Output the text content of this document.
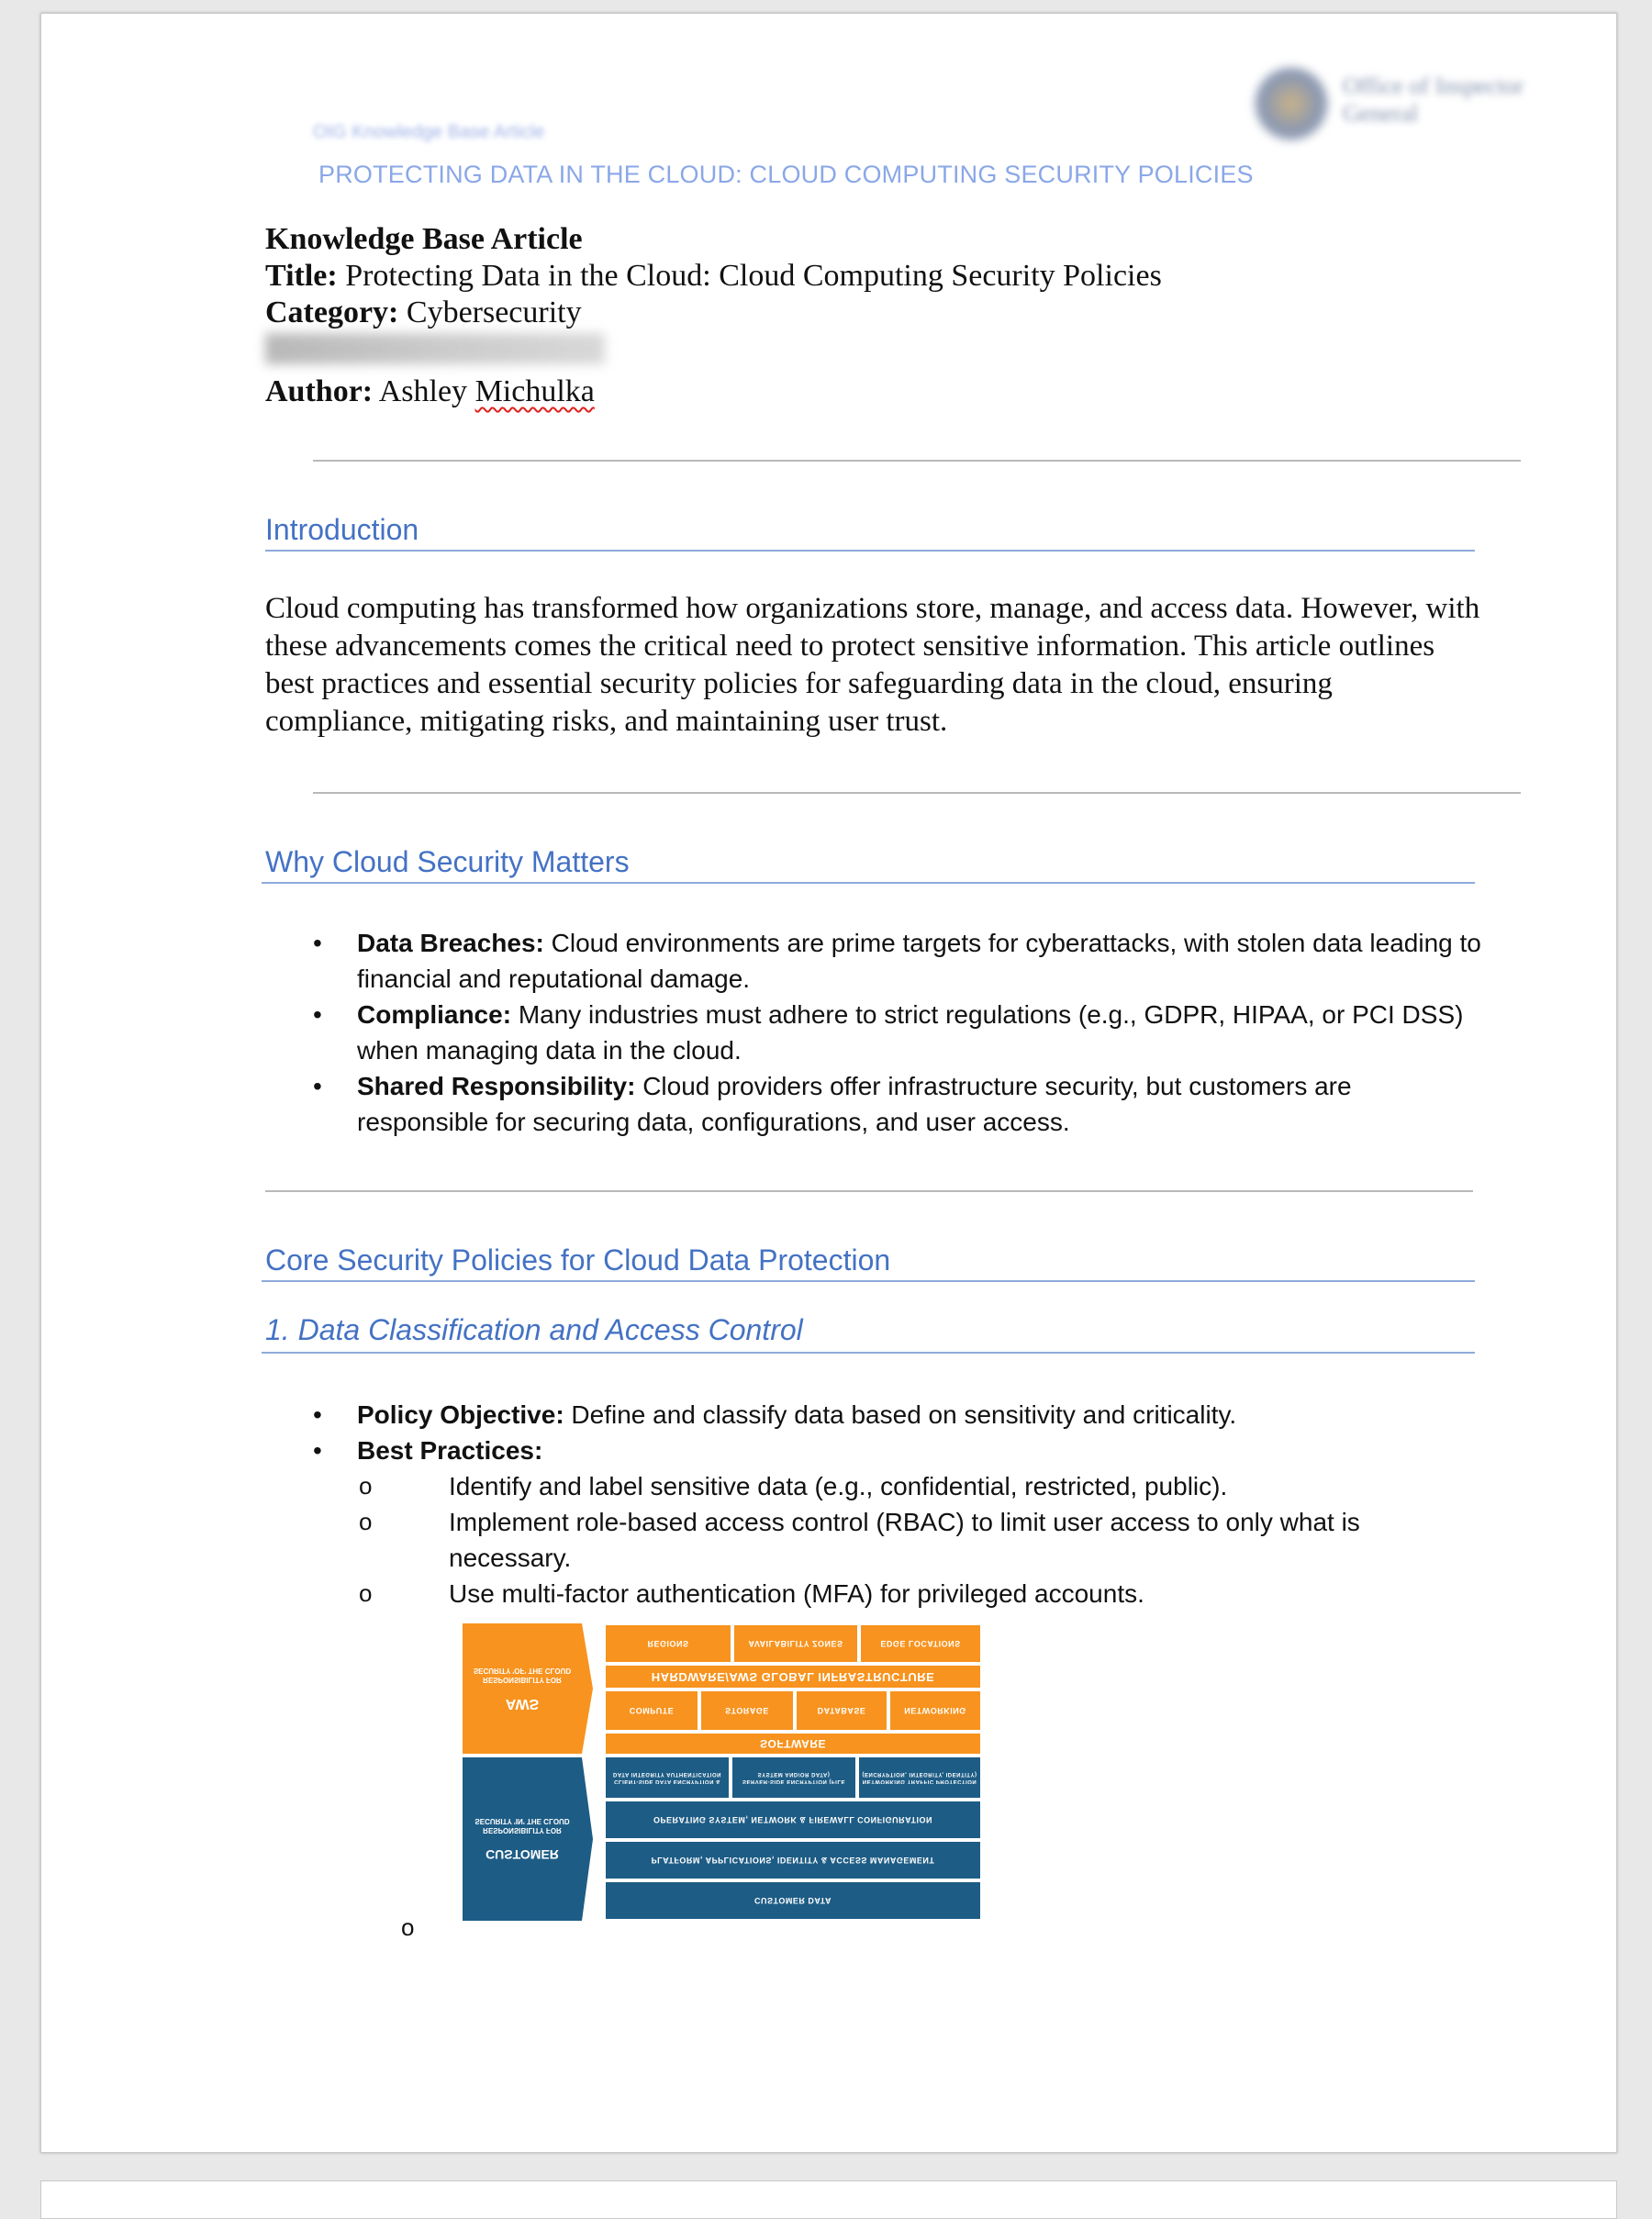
Office of Inspector General
OIG Knowledge Base Article
PROTECTING DATA IN THE CLOUD: CLOUD COMPUTING SECURITY POLICIES
Knowledge Base Article
Title: Protecting Data in the Cloud: Cloud Computing Security Policies
Category: Cybersecurity
Author: Ashley Michulka
Introduction
Cloud computing has transformed how organizations store, manage, and access data. However, with these advancements comes the critical need to protect sensitive information. This article outlines best practices and essential security policies for safeguarding data in the cloud, ensuring compliance, mitigating risks, and maintaining user trust.
Why Cloud Security Matters
• Data Breaches: Cloud environments are prime targets for cyberattacks, with stolen data leading to financial and reputational damage.
• Compliance: Many industries must adhere to strict regulations (e.g., GDPR, HIPAA, or PCI DSS) when managing data in the cloud.
• Shared Responsibility: Cloud providers offer infrastructure security, but customers are responsible for securing data, configurations, and user access.
Core Security Policies for Cloud Data Protection
1. Data Classification and Access Control
• Policy Objective: Define and classify data based on sensitivity and criticality.
• Best Practices:
o Identify and label sensitive data (e.g., confidential, restricted, public).
o Implement role-based access control (RBAC) to limit user access to only what is necessary.
o Use multi-factor authentication (MFA) for privileged accounts.
RESPONSIBILITY FOR SECURITY 'OF' THE CLOUD
AWS
RESPONSIBILITY FOR SECURITY 'IN' THE CLOUD
CUSTOMER
REGIONS	AVAILABILITY ZONES	EDGE LOCATIONS
HARDWARE/AWS GLOBAL INFRASTRUCTURE
COMPUTE	STORAGE	DATABASE	NETWORKING
SOFTWARE
CLIENT-SIDE DATA ENCRYPTION & DATA INTEGRITY AUTHENTICATION
SERVER-SIDE ENCRYPTION (FILE SYSTEM AND/OR DATA)
NETWORKING TRAFFIC PROTECTION (ENCRYPTION, INTEGRITY, IDENTITY)
OPERATING SYSTEM, NETWORK & FIREWALL CONFIGURATION
PLATFORM, APPLICATIONS, IDENTITY & ACCESS MANAGEMENT
CUSTOMER DATA
o
